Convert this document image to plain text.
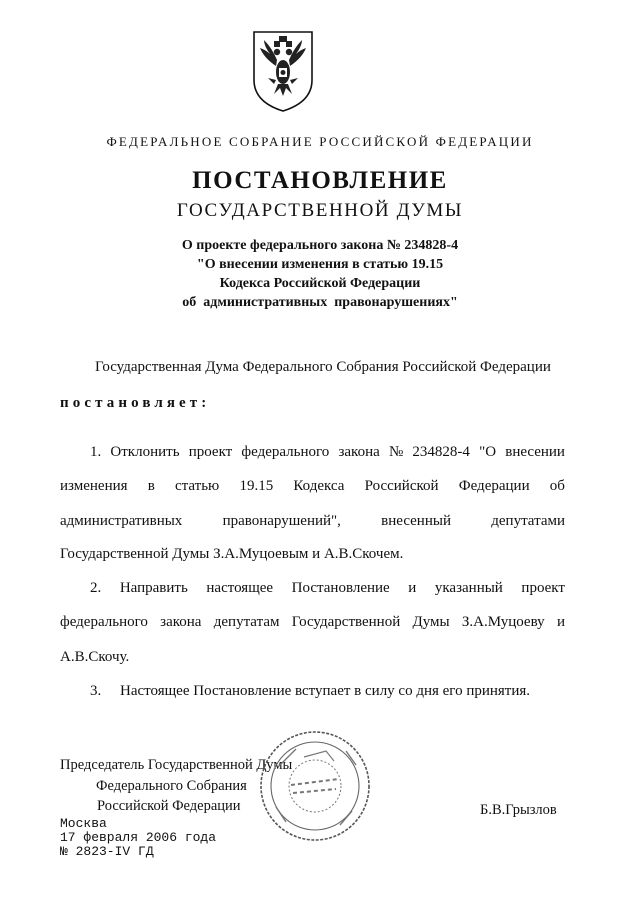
ФЕДЕРАЛЬНОЕ СОБРАНИЕ РОССИЙСКОЙ ФЕДЕРАЦИИ
ПОСТАНОВЛЕНИЕ
ГОСУДАРСТВЕННОЙ ДУМЫ
О проекте федерального закона № 234828-4
"О внесении изменения в статью 19.15
Кодекса Российской Федерации
об  административных  правонарушениях"
Государственная Дума Федерального Собрания Российской Федерации
постановляет:
1. Отклонить проект федерального закона № 234828-4 "О внесении
изменения в статью 19.15 Кодекса Российской Федерации об
административных	правонарушений",	внесенный	депутатами
Государственной Думы З.А.Муцоевым и А.В.Скочем.
2. Направить настоящее Постановление и указанный проект
федерального закона депутатам Государственной Думы З.А.Муцоеву и
А.В.Скочу.
3.     Настоящее Постановление вступает в силу со дня его принятия.
Председатель Государственной Думы
Федерального Собрания
Российской Федерации	Б.В.Грызлов
Москва
17 февраля 2006 года
№ 2823-IV ГД
